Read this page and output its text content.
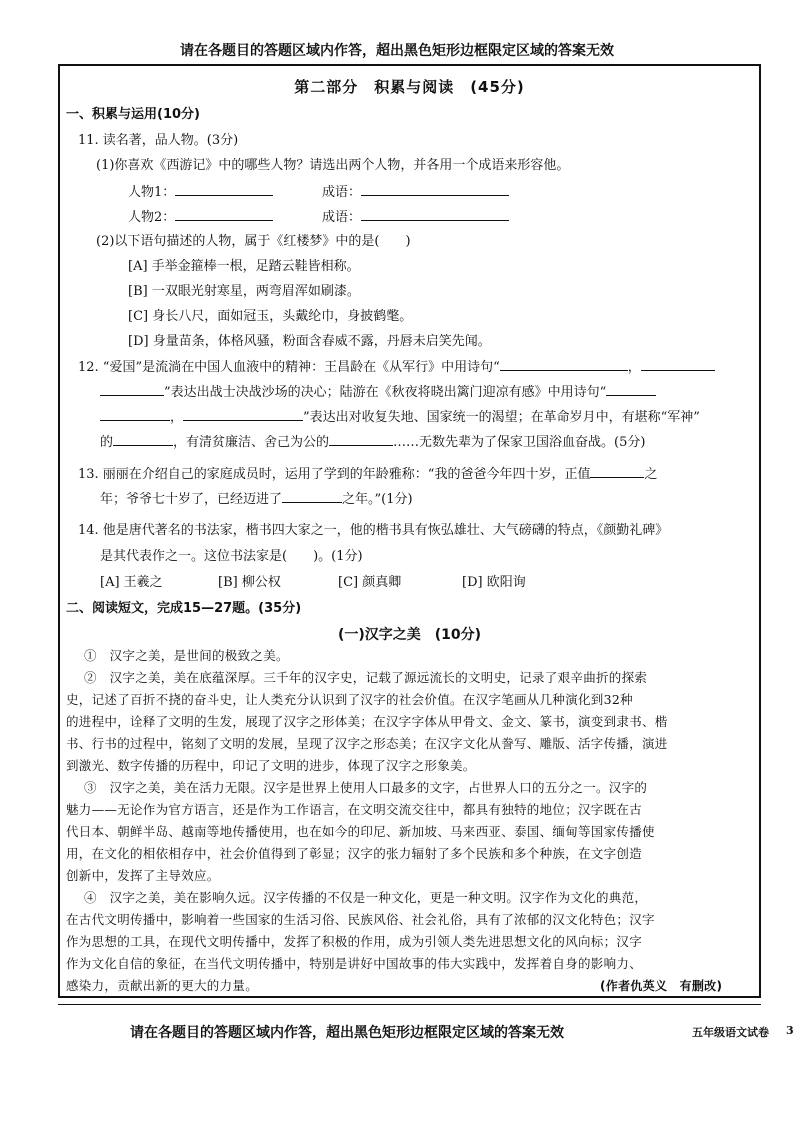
请在各题目的答题区域内作答，超出黑色矩形边框限定区域的答案无效
第二部分　积累与阅读　(45分)
一、积累与运用(10分)
11. 读名著，品人物。(3分)
(1)你喜欢《西游记》中的哪些人物？请选出两个人物，并各用一个成语来形容他。
人物1：	成语：
人物2：	成语：
(2)以下语句描述的人物，属于《红楼梦》中的是(　　)
[A] 手举金箍棒一根，足踏云鞋皆相称。
[B] 一双眼光射寒星，两弯眉浑如刷漆。
[C] 身长八尺，面如冠玉，头戴纶巾，身披鹤氅。
[D] 身量苗条，体格风骚，粉面含春威不露，丹唇未启笑先闻。
12. “爱国”是流淌在中国人血液中的精神：王昌龄在《从军行》中用诗句“	，
”表达出战士决战沙场的决心；陆游在《秋夜将晓出篱门迎凉有感》中用诗句“
，	”表达出对收复失地、国家统一的渴望；在革命岁月中，有堪称“军神”
的	，有清贫廉洁、舍己为公的	……无数先辈为了保家卫国浴血奋战。(5分)
13. 丽丽在介绍自己的家庭成员时，运用了学到的年龄雅称：“我的爸爸今年四十岁，正值	之
年；爷爷七十岁了，已经迈进了	之年。”(1分)
14. 他是唐代著名的书法家，楷书四大家之一，他的楷书具有恢弘雄壮、大气磅礴的特点，《颜勤礼碑》
是其代表作之一。这位书法家是(　　)。(1分)
[A] 王羲之	[B] 柳公权	[C] 颜真卿	[D] 欧阳询
二、阅读短文，完成15—27题。(35分)
(一)汉字之美　(10分)
①　汉字之美，是世间的极致之美。
②　汉字之美，美在底蕴深厚。三千年的汉字史，记载了源远流长的文明史，记录了艰辛曲折的探索
史，记述了百折不挠的奋斗史，让人类充分认识到了汉字的社会价值。在汉字笔画从几种演化到32种
的进程中，诠释了文明的生发，展现了汉字之形体美；在汉字字体从甲骨文、金文、篆书，演变到隶书、楷
书、行书的过程中，铭刻了文明的发展，呈现了汉字之形态美；在汉字文化从誊写、雕版、活字传播，演进
到激光、数字传播的历程中，印记了文明的进步，体现了汉字之形象美。
③　汉字之美，美在活力无限。汉字是世界上使用人口最多的文字，占世界人口的五分之一。汉字的
魅力——无论作为官方语言，还是作为工作语言，在文明交流交往中，都具有独特的地位；汉字既在古
代日本、朝鲜半岛、越南等地传播使用，也在如今的印尼、新加坡、马来西亚、泰国、缅甸等国家传播使
用，在文化的相依相存中，社会价值得到了彰显；汉字的张力辐射了多个民族和多个种族，在文字创造
创新中，发挥了主导效应。
④　汉字之美，美在影响久远。汉字传播的不仅是一种文化，更是一种文明。汉字作为文化的典范，
在古代文明传播中，影响着一些国家的生活习俗、民族风俗、社会礼俗，具有了浓郁的汉文化特色；汉字
作为思想的工具，在现代文明传播中，发挥了积极的作用，成为引领人类先进思想文化的风向标；汉字
作为文化自信的象征，在当代文明传播中，特别是讲好中国故事的伟大实践中，发挥着自身的影响力、
感染力，贡献出新的更大的力量。	(作者仇英义　有删改)
请在各题目的答题区域内作答，超出黑色矩形边框限定区域的答案无效	五年级语文试卷 3
